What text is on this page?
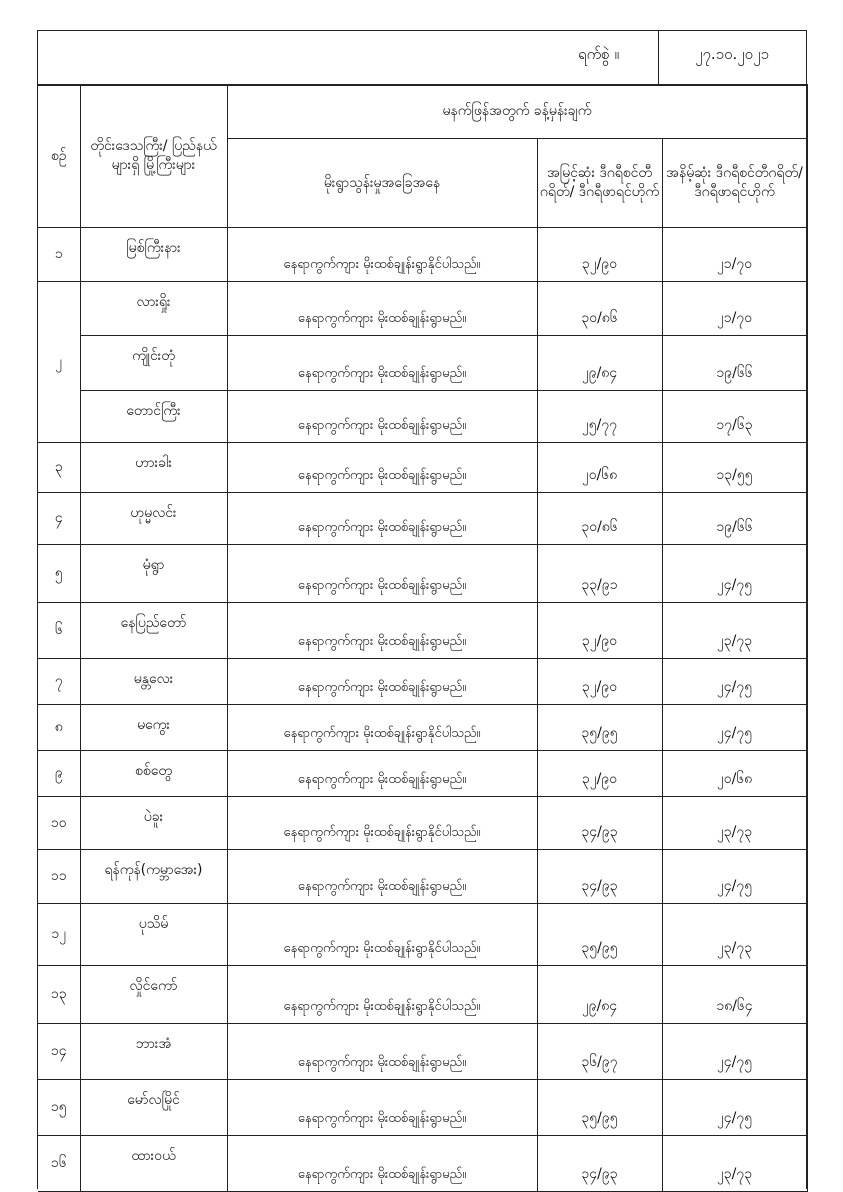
ရက်စွဲ ။	၂၇.၁၀.၂၀၂၁
စဉ်	တိုင်းဒေသကြီး/ ပြည်နယ်များရှိ မြို့ကြီးများ	မနက်ဖြန်အတွက် ခန့်မှန်းချက်		
		မိုးရွာသွန်းမှုအခြေအနေ	အမြင့်ဆုံး ဒီဂရီစင်တီဂရိတ်/ ဒီဂရီဖာရင်ဟိုက်	အနိမ့်ဆုံး ဒီဂရီစင်တီဂရိတ်/ ဒီဂရီဖာရင်ဟိုက်
၁	မြစ်ကြီးနား	နေရာကွက်ကျား မိုးထစ်ချုန်းရွာနိုင်ပါသည်။	၃၂/၉၀	၂၁/၇၀
၂	လားရှိုး	နေရာကွက်ကျား မိုးထစ်ချုန်းရွာမည်။	၃၀/၈၆	၂၁/၇၀
	ကျိုင်းတုံ	နေရာကွက်ကျား မိုးထစ်ချုန်းရွာမည်။	၂၉/၈၄	၁၉/၆၆
	တောင်ကြီး	နေရာကွက်ကျား မိုးထစ်ချုန်းရွာမည်။	၂၅/၇၇	၁၇/၆၃
၃	ဟားခါး	နေရာကွက်ကျား မိုးထစ်ချုန်းရွာမည်။	၂၀/၆၈	၁၃/၅၅
၄	ဟုမ္မလင်း	နေရာကွက်ကျား မိုးထစ်ချုန်းရွာမည်။	၃၀/၈၆	၁၉/၆၆
၅	မုံရွာ	နေရာကွက်ကျား မိုးထစ်ချုန်းရွာမည်။	၃၃/၉၁	၂၄/၇၅
၆	နေပြည်တော်	နေရာကွက်ကျား မိုးထစ်ချုန်းရွာမည်။	၃၂/၉၀	၂၃/၇၃
၇	မန္တလေး	နေရာကွက်ကျား မိုးထစ်ချုန်းရွာမည်။	၃၂/၉၀	၂၄/၇၅
၈	မကွေး	နေရာကွက်ကျား မိုးထစ်ချုန်းရွာနိုင်ပါသည်။	၃၅/၉၅	၂၄/၇၅
၉	စစ်တွေ	နေရာကွက်ကျား မိုးထစ်ချုန်းရွာမည်။	၃၂/၉၀	၂၀/၆၈
၁၀	ပဲခူး	နေရာကွက်ကျား မိုးထစ်ချုန်းရွာနိုင်ပါသည်။	၃၄/၉၃	၂၃/၇၃
၁၁	ရန်ကုန်(ကမ္ဘာအေး)	နေရာကွက်ကျား မိုးထစ်ချုန်းရွာမည်။	၃၄/၉၃	၂၄/၇၅
၁၂	ပုသိမ်	နေရာကွက်ကျား မိုးထစ်ချုန်းရွာနိုင်ပါသည်။	၃၅/၉၅	၂၃/၇၃
၁၃	လှိုင်ကော်	နေရာကွက်ကျား မိုးထစ်ချုန်းရွာနိုင်ပါသည်။	၂၉/၈၄	၁၈/၆၄
၁၄	ဘားအံ	နေရာကွက်ကျား မိုးထစ်ချုန်းရွာမည်။	၃၆/၉၇	၂၄/၇၅
၁၅	မော်လမြိုင်	နေရာကွက်ကျား မိုးထစ်ချုန်းရွာမည်။	၃၅/၉၅	၂၄/၇၅
၁၆	ထားဝယ်	နေရာကွက်ကျား မိုးထစ်ချုန်းရွာမည်။	၃၄/၉၃	၂၃/၇၃
